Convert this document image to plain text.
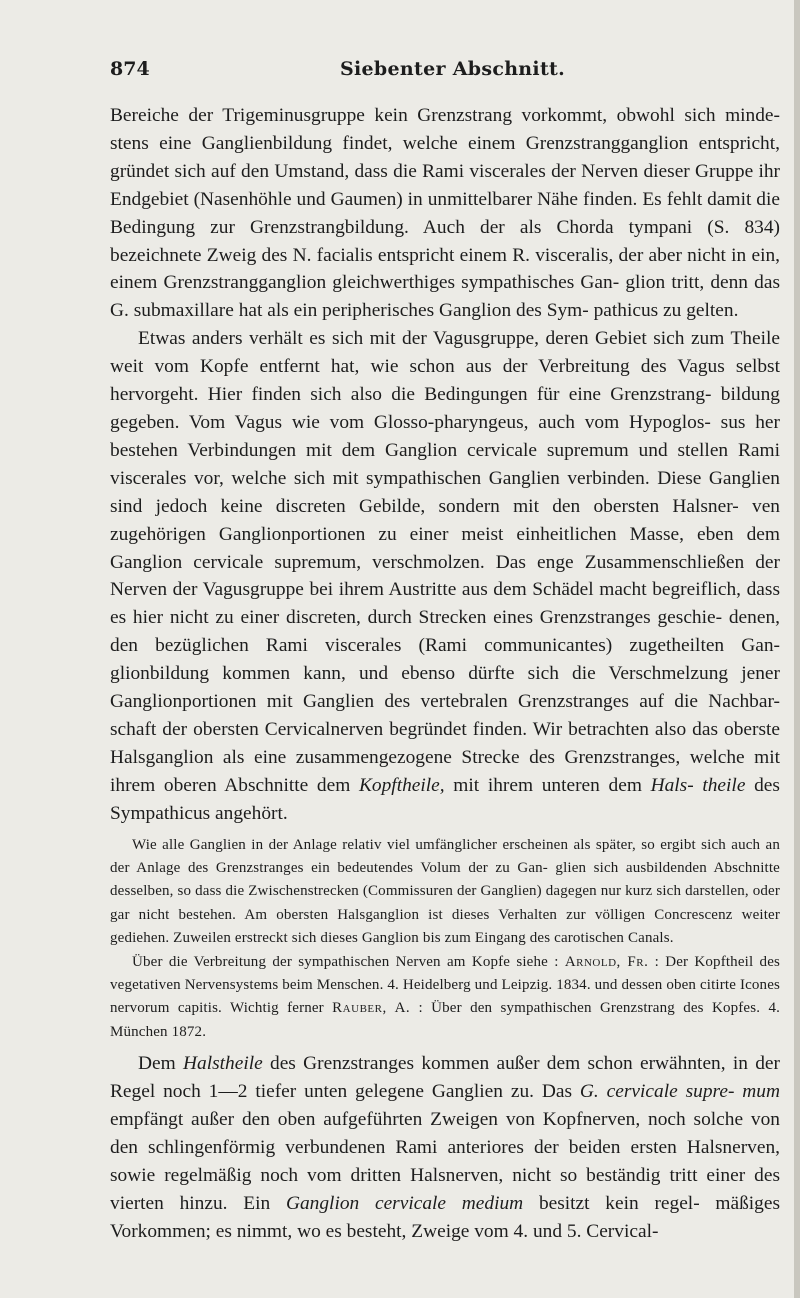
874	Siebenter Abschnitt.

Bereiche der Trigeminusgruppe kein Grenzstrang vorkommt, obwohl sich minde- stens eine Ganglienbildung findet, welche einem Grenzstrangganglion entspricht, gründet sich auf den Umstand, dass die Rami viscerales der Nerven dieser Gruppe ihr Endgebiet (Nasenhöhle und Gaumen) in unmittelbarer Nähe finden. Es fehlt damit die Bedingung zur Grenzstrangbildung. Auch der als Chorda tympani (S. 834) bezeichnete Zweig des N. facialis entspricht einem R. visceralis, der aber nicht in ein, einem Grenzstrangganglion gleichwerthiges sympathisches Gan- glion tritt, denn das G. submaxillare hat als ein peripherisches Ganglion des Sym- pathicus zu gelten.

Etwas anders verhält es sich mit der Vagusgruppe, deren Gebiet sich zum Theile weit vom Kopfe entfernt hat, wie schon aus der Verbreitung des Vagus selbst hervorgeht. Hier finden sich also die Bedingungen für eine Grenzstrang- bildung gegeben. Vom Vagus wie vom Glosso-pharyngeus, auch vom Hypoglos- sus her bestehen Verbindungen mit dem Ganglion cervicale supremum und stellen Rami viscerales vor, welche sich mit sympathischen Ganglien verbinden. Diese Ganglien sind jedoch keine discreten Gebilde, sondern mit den obersten Halsner- ven zugehörigen Ganglionportionen zu einer meist einheitlichen Masse, eben dem Ganglion cervicale supremum, verschmolzen. Das enge Zusammenschließen der Nerven der Vagusgruppe bei ihrem Austritte aus dem Schädel macht begreiflich, dass es hier nicht zu einer discreten, durch Strecken eines Grenzstranges geschie- denen, den bezüglichen Rami viscerales (Rami communicantes) zugetheilten Gan- glionbildung kommen kann, und ebenso dürfte sich die Verschmelzung jener Ganglionportionen mit Ganglien des vertebralen Grenzstranges auf die Nachbar- schaft der obersten Cervicalnerven begründet finden. Wir betrachten also das oberste Halsganglion als eine zusammengezogene Strecke des Grenzstranges, welche mit ihrem oberen Abschnitte dem Kopftheile, mit ihrem unteren dem Hals- theile des Sympathicus angehört.

Wie alle Ganglien in der Anlage relativ viel umfänglicher erscheinen als später, so ergibt sich auch an der Anlage des Grenzstranges ein bedeutendes Volum der zu Gan- glien sich ausbildenden Abschnitte desselben, so dass die Zwischenstrecken (Commissuren der Ganglien) dagegen nur kurz sich darstellen, oder gar nicht bestehen. Am obersten Halsganglion ist dieses Verhalten zur völligen Concrescenz weiter gediehen. Zuweilen erstreckt sich dieses Ganglion bis zum Eingang des carotischen Canals.

Über die Verbreitung der sympathischen Nerven am Kopfe siehe : Arnold, Fr. : Der Kopftheil des vegetativen Nervensystems beim Menschen. 4. Heidelberg und Leipzig. 1834. und dessen oben citirte Icones nervorum capitis. Wichtig ferner Rauber, A. : Über den sympathischen Grenzstrang des Kopfes. 4. München 1872.

Dem Halstheile des Grenzstranges kommen außer dem schon erwähnten, in der Regel noch 1—2 tiefer unten gelegene Ganglien zu. Das G. cervicale supre- mum empfängt außer den oben aufgeführten Zweigen von Kopfnerven, noch solche von den schlingenförmig verbundenen Rami anteriores der beiden ersten Halsnerven, sowie regelmäßig noch vom dritten Halsnerven, nicht so beständig tritt einer des vierten hinzu. Ein Ganglion cervicale medium besitzt kein regel- mäßiges Vorkommen; es nimmt, wo es besteht, Zweige vom 4. und 5. Cervical-
